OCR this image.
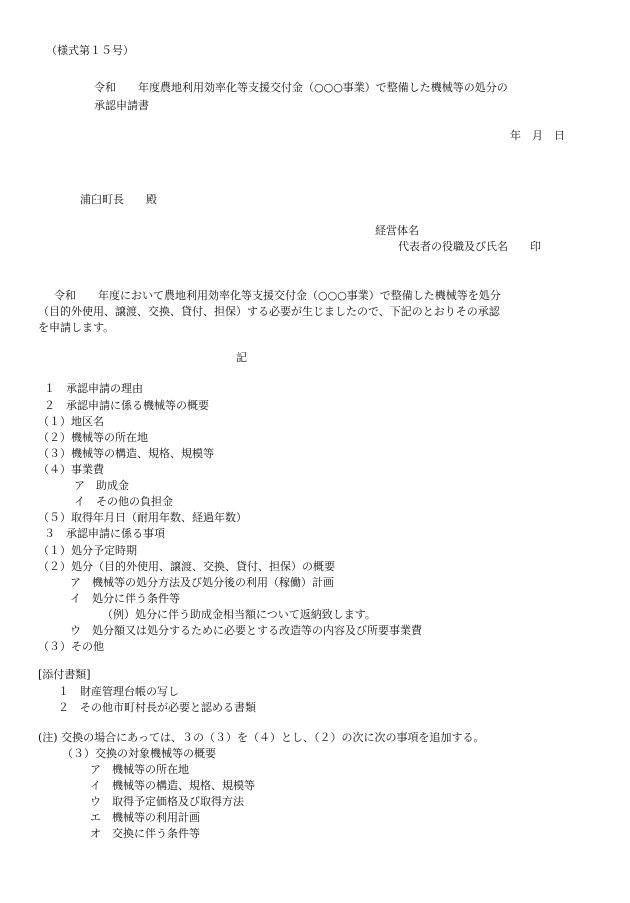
（様式第１５号）
令和　　年度農地利用効率化等支援交付金（○○○事業）で整備した機械等の処分の
承認申請書
年　月　日
浦臼町長　　殿
経営体名
代表者の役職及び氏名　　印
令和　　年度において農地利用効率化等支援交付金（○○○事業）で整備した機械等を処分
（目的外使用、譲渡、交換、貸付、担保）する必要が生じましたので、下記のとおりその承認
を申請します。
記
１　承認申請の理由
２　承認申請に係る機械等の概要
（１）地区名
（２）機械等の所在地
（３）機械等の構造、規格、規模等
（４）事業費
ア　助成金
イ　その他の負担金
（５）取得年月日（耐用年数、経過年数）
３　承認申請に係る事項
（１）処分予定時期
（２）処分（目的外使用、譲渡、交換、貸付、担保）の概要
ア　機械等の処分方法及び処分後の利用（稼働）計画
イ　処分に伴う条件等
（例）処分に伴う助成金相当額について返納致します。
ウ　処分額又は処分するために必要とする改造等の内容及び所要事業費
（３）その他
[添付書類]
１　財産管理台帳の写し
２　その他市町村長が必要と認める書類
(注) 交換の場合にあっては、３の（３）を（４）とし、（２）の次に次の事項を追加する。
（３）交換の対象機械等の概要
ア　機械等の所在地
イ　機械等の構造、規格、規模等
ウ　取得予定価格及び取得方法
エ　機械等の利用計画
オ　交換に伴う条件等
